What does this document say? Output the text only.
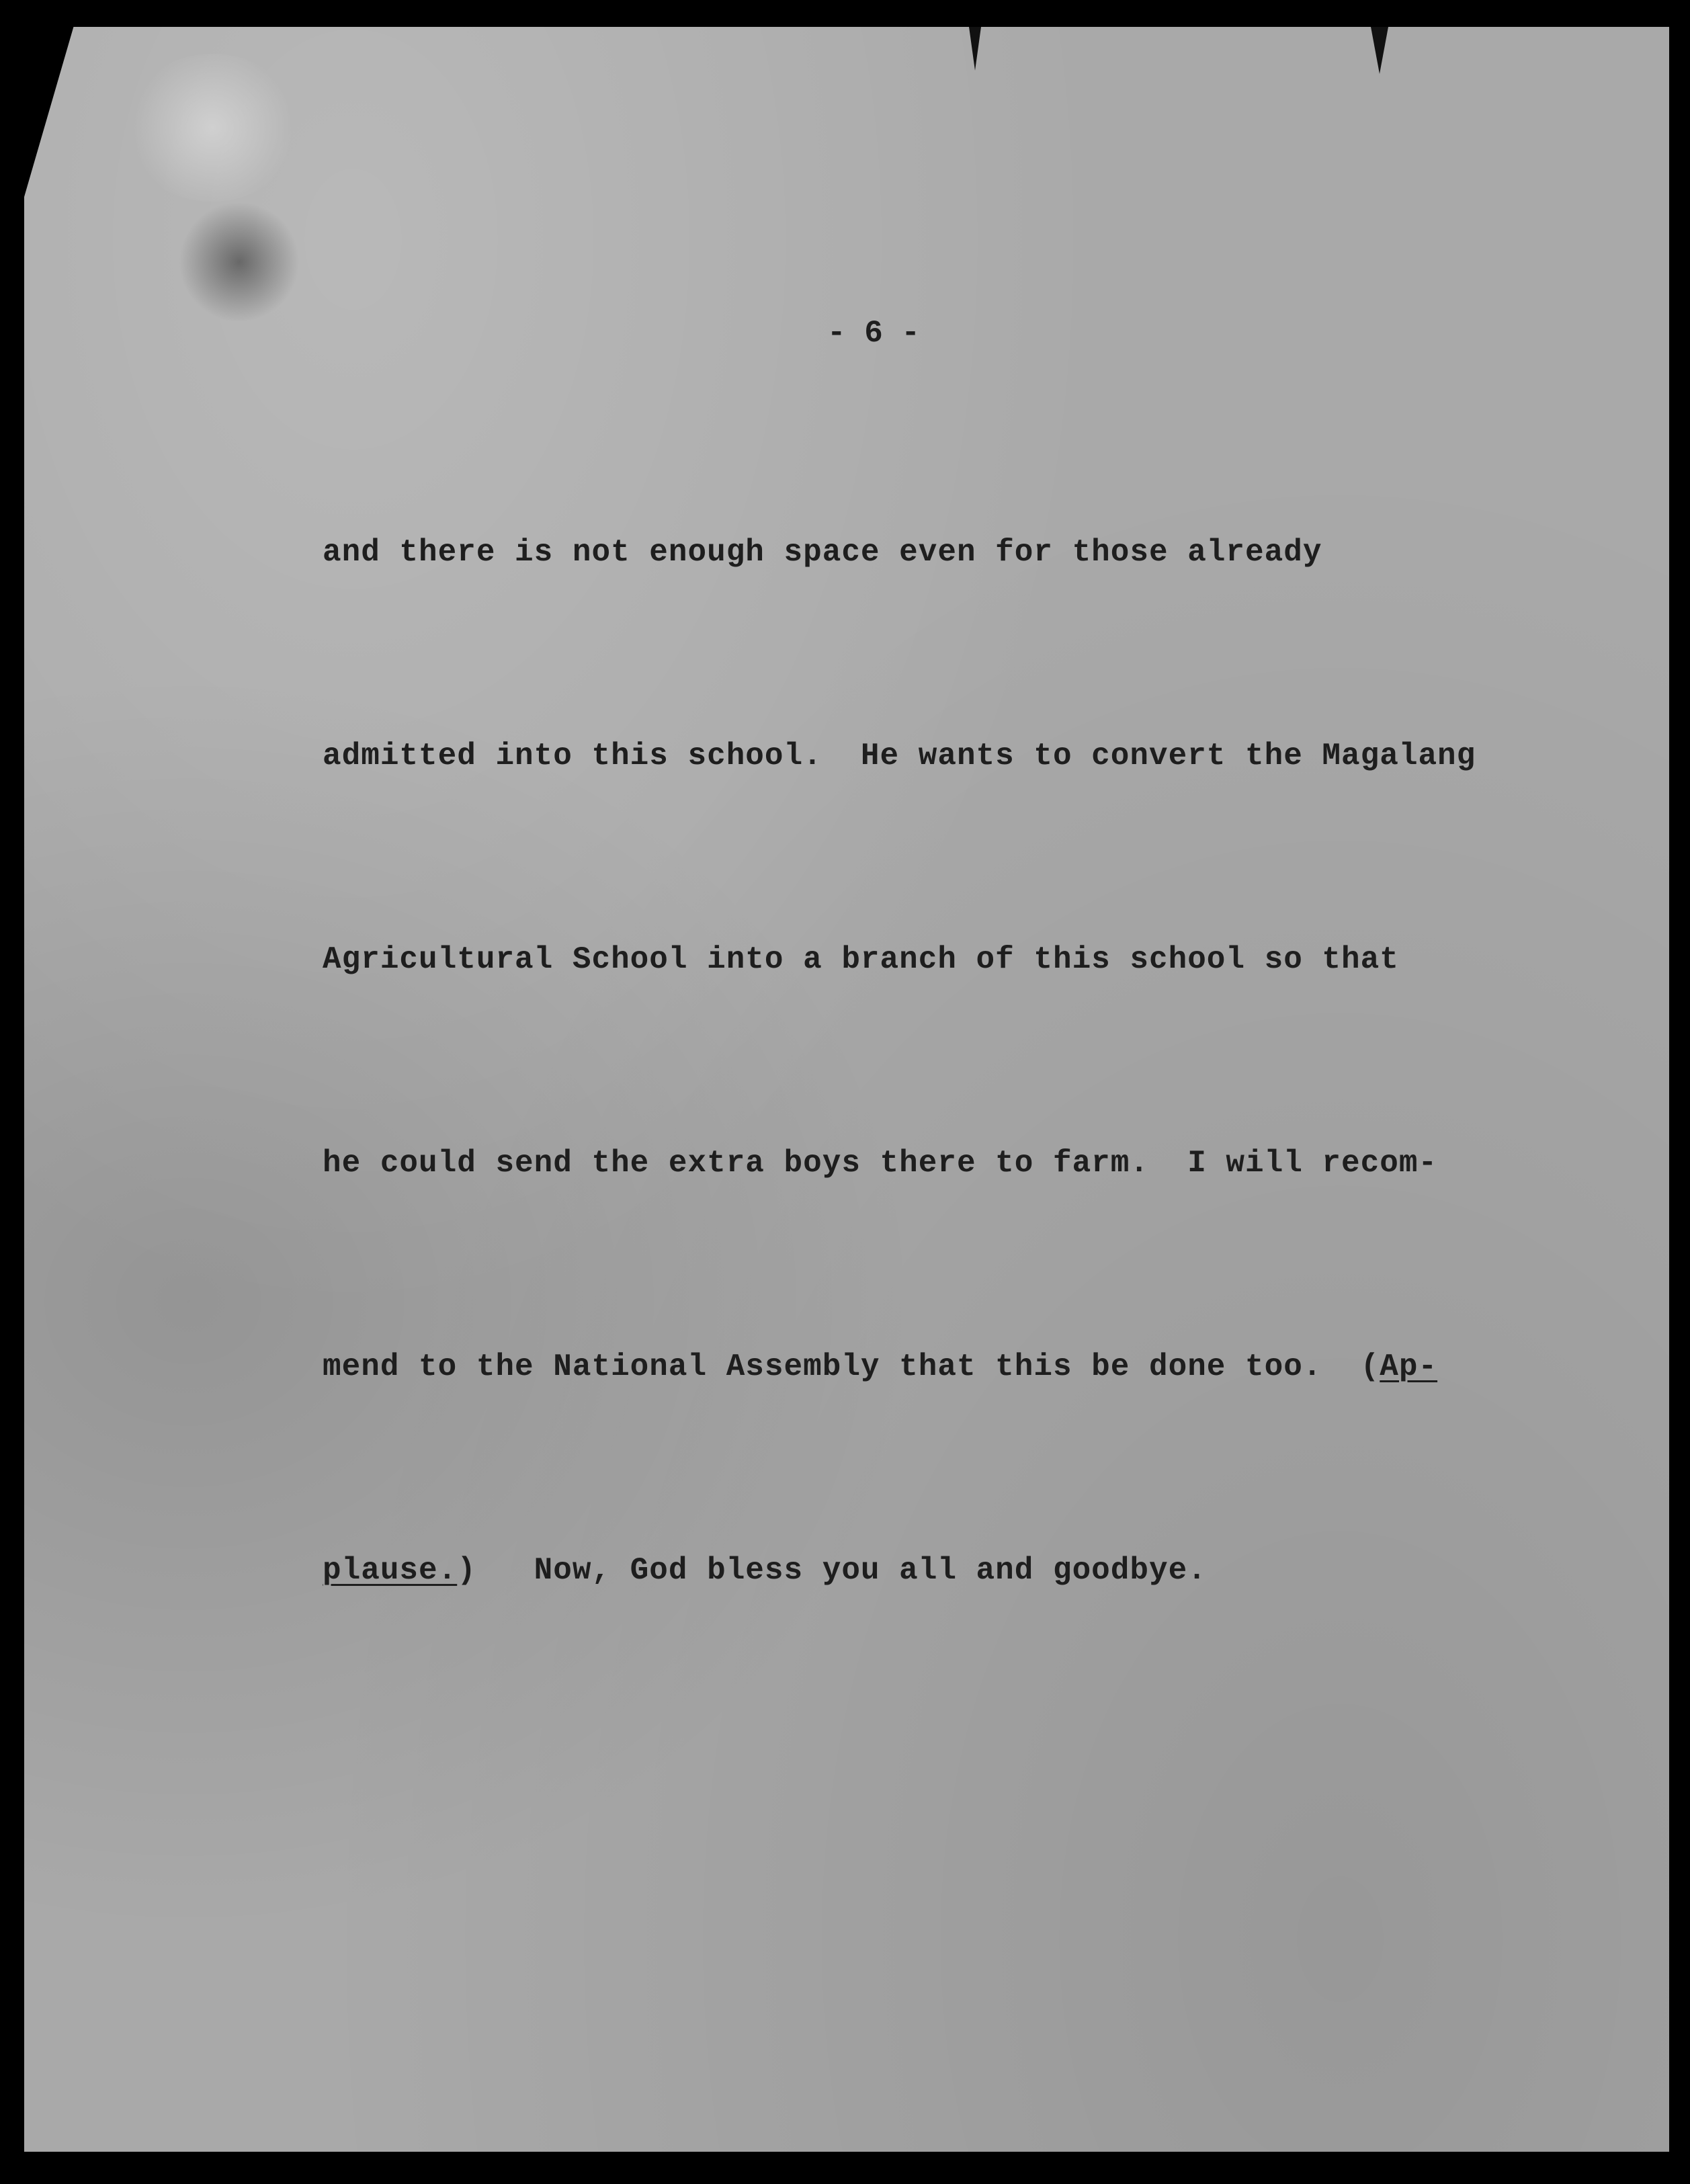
- 6 -

and there is not enough space even for those already

admitted into this school.  He wants to convert the Magalang

Agricultural School into a branch of this school so that

he could send the extra boys there to farm.  I will recom-

mend to the National Assembly that this be done too.  (Ap-

plause.)   Now, God bless you all and goodbye.
